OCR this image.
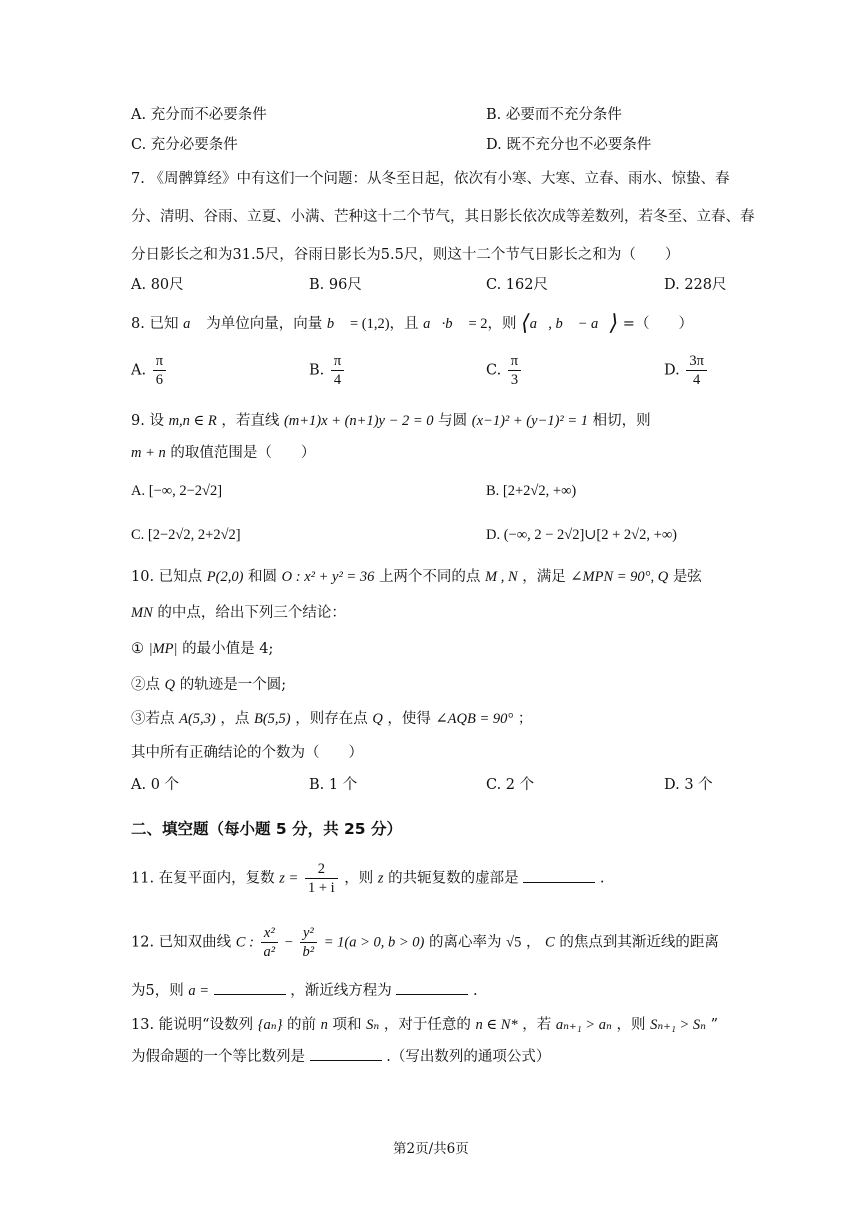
A. 充分而不必要条件	B. 必要而不充分条件
C. 充分必要条件	D. 既不充分也不必要条件
7. 《周髀算经》中有这们一个问题：从冬至日起，依次有小寒、大寒、立春、雨水、惊蛰、春
分、清明、谷雨、立夏、小满、芒种这十二个节气，其日影长依次成等差数列，若冬至、立春、春
分日影长之和为31.5尺，谷雨日影长为5.5尺，则这十二个节气日影长之和为（　　）
A. 80尺	B. 96尺	C. 162尺	D. 228尺
8. 已知 a⃗ 为单位向量，向量 b⃗ = (1,2)，且 a⃗·b⃗ = 2，则 ⟨a⃗, b⃗ − a⃗⟩ =（　　）
A. $\frac{\pi}{6}$	B. $\frac{\pi}{4}$	C. $\frac{\pi}{3}$	D. $\frac{3\pi}{4}$
9. 设 m,n ∈ R ，若直线 (m+1)x + (n+1)y − 2 = 0 与圆 (x−1)² + (y−1)² = 1 相切，则
m + n 的取值范围是（　　）
A. [−∞, 2−2√2]	B. [2+2√2, +∞)
C. [2−2√2, 2+2√2]	D. (−∞, 2 − 2√2]∪[2 + 2√2, +∞)
10. 已知点 P(2,0) 和圆 O : x² + y² = 36 上两个不同的点 M , N ，满足 ∠MPN = 90°, Q 是弦
MN 的中点，给出下列三个结论：
① |MP| 的最小值是 4;
②点 Q 的轨迹是一个圆;
③若点 A(5,3) ，点 B(5,5) ，则存在点 Q ，使得 ∠AQB = 90° ；
其中所有正确结论的个数为（　　）
A. 0 个	B. 1 个	C. 2 个	D. 3 个
二、填空题（每小题 5 分，共 25 分）
11. 在复平面内，复数 $z = \frac{2}{1 + i}$ ，则 z 的共轭复数的虚部是	.
12. 已知双曲线 C : $\frac{\text{x²}}{\text{a²}} - \frac{\text{y²}}{\text{b²}} = 1(a > 0$, b > 0) 的离心率为 √5 ， C 的焦点到其渐近线的距离
为5，则 a =	，渐近线方程为	.
13. 能说明“设数列 {aₙ} 的前 n 项和 Sₙ ，对于任意的 n ∈ N* ，若 aₙ₊₁ > aₙ ，则 Sₙ₊₁ > Sₙ ”
为假命题的一个等比数列是	.（写出数列的通项公式）
第2页/共6页
